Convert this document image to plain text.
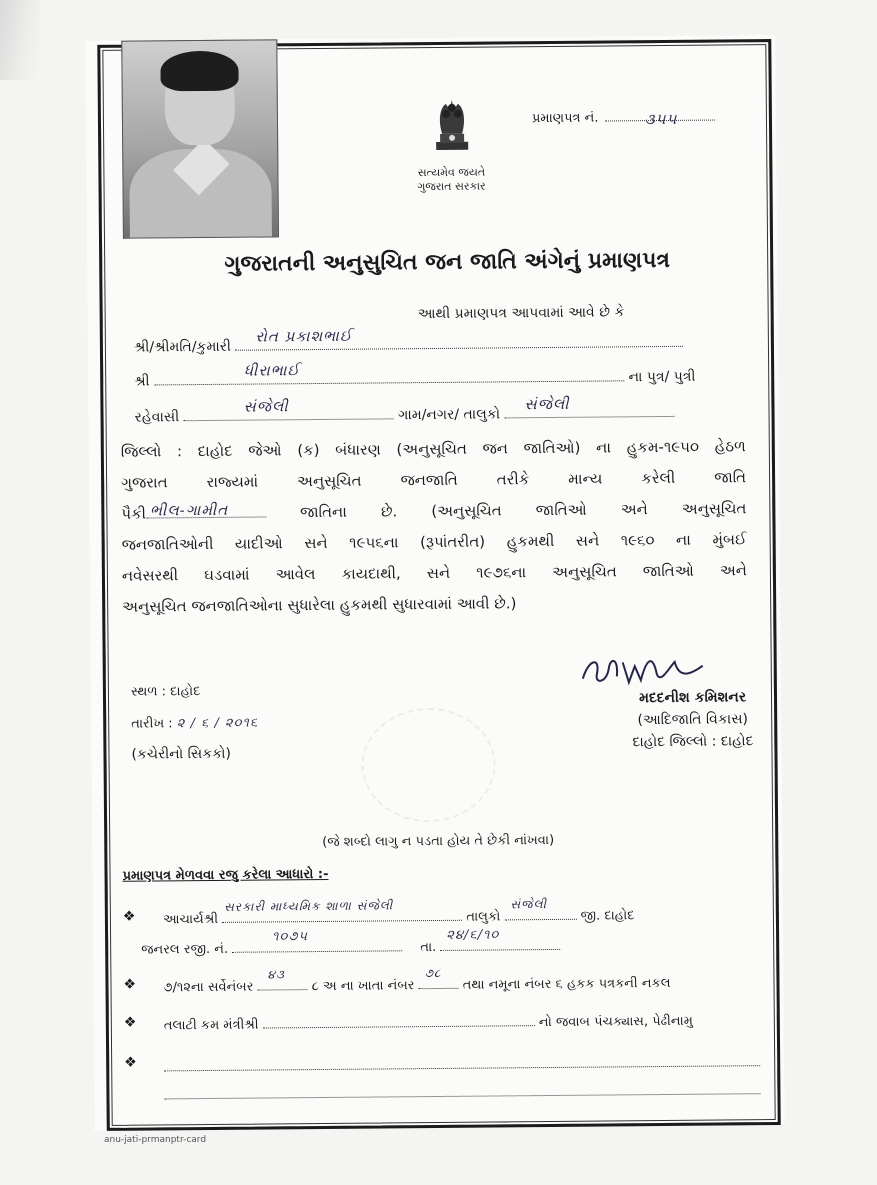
સત્યમેવ જયતે
ગુજરાત સરકાર
પ્રમાણપત્ર નં.	૩૫૫
ગુજરાતની અનુસુચિત જન જાતિ અંગેનું પ્રમાણપત્ર
આથી પ્રમાણપત્ર આપવામાં આવે છે કે
શ્રી/શ્રીમતિ/કુમારી
રોત પ્રકાશભાઈ
શ્રી
ધીરાભાઈ	ના પુત્ર/ પુત્રી
રહેવાસી
સંજેલી	ગામ/નગર/ તાલુકો
સંજેલી
જિલ્લો : દાહોદ જેઓ (ક) બંધારણ (અનુસૂચિત જન જાતિઓ) ના હુકમ-૧૯૫૦ હેઠળ
ગુજરાત રાજ્યમાં અનુસૂચિત જનજાતિ તરીકે માન્ય કરેલી જાતિ
પૈકી ભીલ-ગામીત	જાતિના છે. (અનુસૂચિત જાતિઓ અને અનુસૂચિત
જનજાતિઓની યાદીઓ સને ૧૯૫૬ના (રૂપાંતરીત) હુકમથી સને ૧૯૬૦ ના મુંબઈ
નવેસરથી ઘડવામાં આવેલ કાયદાથી, સને ૧૯૭૬ના અનુસૂચિત જાતિઓ અને
અનુસૂચિત જનજાતિઓના સુધારેલા હુકમથી સુધારવામાં આવી છે.)
સ્થળ : દાહોદ
તારીખ : ૨ / ૬ / ૨૦૧૬
(કચેરીનો સિકકો)
મદદનીશ કમિશનર
(આદિજાતિ વિકાસ)
દાહોદ જિલ્લો : દાહોદ
(જે શબ્દો લાગુ ન પડતા હોય તે છેકી નાંખવા)
પ્રમાણપત્ર મેળવવા રજુ કરેલા આધારો :-
❖ આચાર્યશ્રી
સરકારી માધ્યમિક શાળા સંજેલી
તાલુકો
સંજેલી
જી. દાહોદ
જનરલ રજી. નં.
૧૦૭૫
તા.
૨૪/૬/૧૦
❖ ૭/૧૨ના સર્વેનંબર
૪૩
૮ અ ના ખાતા નંબર
૭૮
તથા નમૂના નંબર ૬ હકક પત્રકની નકલ
❖ તલાટી કમ મંત્રીશ્રી	નો જવાબ પંચક્યાસ, પેઢીનામુ
❖
anu-jati-prmanptr-card
